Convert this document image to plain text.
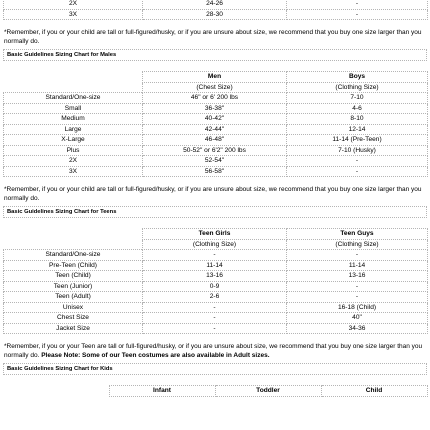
2X	24-26	-
3X	28-30	-
*Remember, if you or your child are tall or full-figured/husky, or if you are unsure about size, we recommend that you buy one size larger than you normally do.
Basic Guidelines Sizing Chart for Males
	Men	Boys
	(Chest Size)	(Clothing Size)
Standard/One-size	46" or 6' 200 lbs	7-10
Small	36-38"	4-6
Medium	40-42"	8-10
Large	42-44"	12-14
X-Large	46-48"	11-14 (Pre-Teen)
Plus	50-52" or 6'2" 200 lbs	7-10 (Husky)
2X	52-54"	-
3X	56-58"	-
*Remember, if you or your child are tall or full-figured/husky, or if you are unsure about size, we recommend that you buy one size larger than you normally do.
Basic Guidelines Sizing Chart for Teens
	Teen Girls	Teen Guys
	(Clothing Size)	(Clothing Size)
Standard/One-size	-	-
Pre-Teen (Child)	11-14	11-14
Teen (Child)	13-16	13-16
Teen (Junior)	0-9	-
Teen (Adult)	2-6	-
Unisex	-	16-18 (Child)
Chest Size	-	40"
Jacket Size	-	34-36
*Remember, if you or your Teen are tall or full-figured/husky, or if you are unsure about size, we recommend that you buy one size larger than you normally do. Please Note: Some of our Teen costumes are also available in Adult sizes.
Basic Guidelines Sizing Chart for Kids
	Infant	Toddler	Child
